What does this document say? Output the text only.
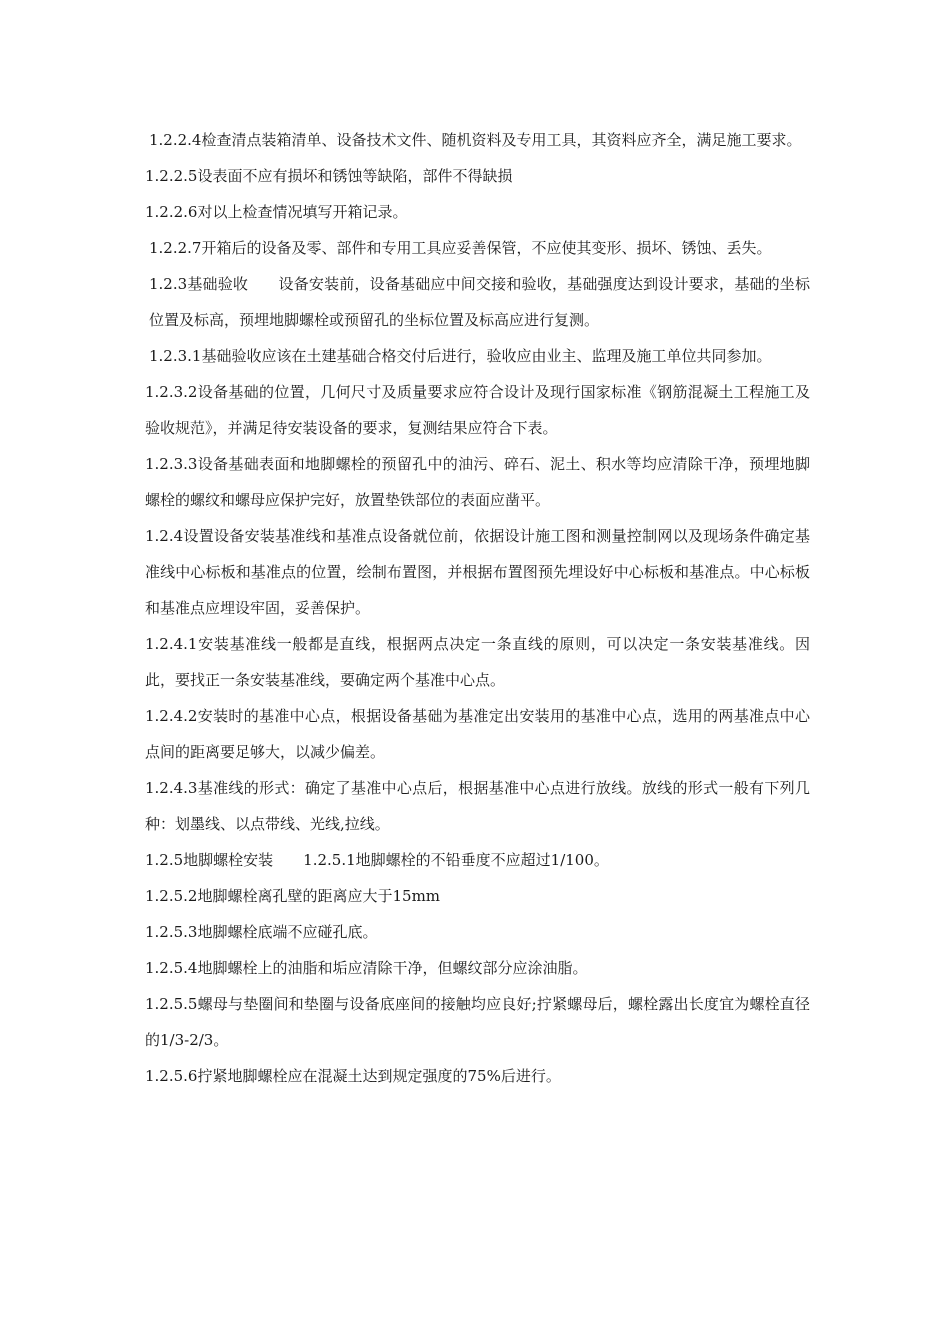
1.2.2.4检查清点装箱清单、设备技术文件、随机资料及专用工具，其资料应齐全，满足施工要求。

1.2.2.5设表面不应有损坏和锈蚀等缺陷，部件不得缺损

1.2.2.6对以上检查情况填写开箱记录。

1.2.2.7开箱后的设备及零、部件和专用工具应妥善保管，不应使其变形、损坏、锈蚀、丢失。

1.2.3基础验收　　设备安装前，设备基础应中间交接和验收，基础强度达到设计要求，基础的坐标位置及标高，预埋地脚螺栓或预留孔的坐标位置及标高应进行复测。

1.2.3.1基础验收应该在土建基础合格交付后进行，验收应由业主、监理及施工单位共同参加。

1.2.3.2设备基础的位置，几何尺寸及质量要求应符合设计及现行国家标准《钢筋混凝土工程施工及验收规范》，并满足待安装设备的要求，复测结果应符合下表。

1.2.3.3设备基础表面和地脚螺栓的预留孔中的油污、碎石、泥土、积水等均应清除干净，预埋地脚螺栓的螺纹和螺母应保护完好，放置垫铁部位的表面应凿平。

1.2.4设置设备安装基准线和基准点设备就位前，依据设计施工图和测量控制网以及现场条件确定基准线中心标板和基准点的位置，绘制布置图，并根据布置图预先埋设好中心标板和基准点。中心标板和基准点应埋设牢固，妥善保护。

1.2.4.1安装基准线一般都是直线，根据两点决定一条直线的原则，可以决定一条安装基准线。因此，要找正一条安装基准线，要确定两个基准中心点。

1.2.4.2安装时的基准中心点，根据设备基础为基准定出安装用的基准中心点，选用的两基准点中心点间的距离要足够大，以减少偏差。

1.2.4.3基准线的形式：确定了基准中心点后，根据基准中心点进行放线。放线的形式一般有下列几种：划墨线、以点带线、光线,拉线。

1.2.5地脚螺栓安装　　1.2.5.1地脚螺栓的不铅垂度不应超过1/100。

1.2.5.2地脚螺栓离孔壁的距离应大于15mm

1.2.5.3地脚螺栓底端不应碰孔底。

1.2.5.4地脚螺栓上的油脂和垢应清除干净，但螺纹部分应涂油脂。

1.2.5.5螺母与垫圈间和垫圈与设备底座间的接触均应良好;拧紧螺母后，螺栓露出长度宜为螺栓直径的1/3-2/3。

1.2.5.6拧紧地脚螺栓应在混凝土达到规定强度的75%后进行。
